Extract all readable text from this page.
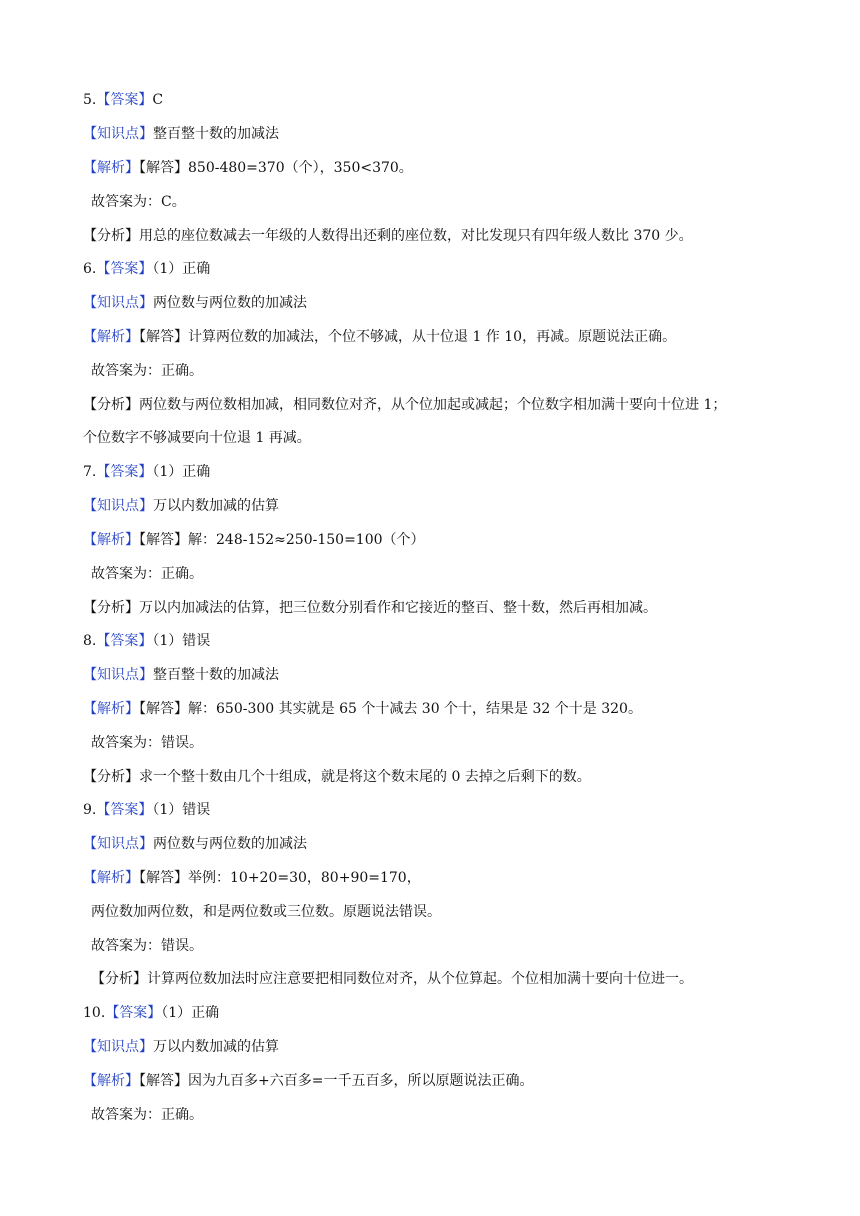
5.【答案】C
【知识点】整百整十数的加减法
【解析】【解答】850-480=370（个），350<370。
故答案为：C。
【分析】用总的座位数减去一年级的人数得出还剩的座位数，对比发现只有四年级人数比 370 少。
6.【答案】（1）正确
【知识点】两位数与两位数的加减法
【解析】【解答】计算两位数的加减法，个位不够减，从十位退 1 作 10，再减。原题说法正确。
故答案为：正确。
【分析】两位数与两位数相加减，相同数位对齐，从个位加起或减起；个位数字相加满十要向十位进 1；
个位数字不够减要向十位退 1 再减。
7.【答案】（1）正确
【知识点】万以内数加减的估算
【解析】【解答】解：248-152≈250-150=100（个）
故答案为：正确。
【分析】万以内加减法的估算，把三位数分别看作和它接近的整百、整十数，然后再相加减。
8.【答案】（1）错误
【知识点】整百整十数的加减法
【解析】【解答】解：650-300 其实就是 65 个十减去 30 个十，结果是 32 个十是 320。
故答案为：错误。
【分析】求一个整十数由几个十组成，就是将这个数末尾的 0 去掉之后剩下的数。
9.【答案】（1）错误
【知识点】两位数与两位数的加减法
【解析】【解答】举例：10+20=30，80+90=170，
两位数加两位数，和是两位数或三位数。原题说法错误。
故答案为：错误。
【分析】计算两位数加法时应注意要把相同数位对齐，从个位算起。个位相加满十要向十位进一。
10.【答案】（1）正确
【知识点】万以内数加减的估算
【解析】【解答】因为九百多+六百多=一千五百多，所以原题说法正确。
故答案为：正确。
